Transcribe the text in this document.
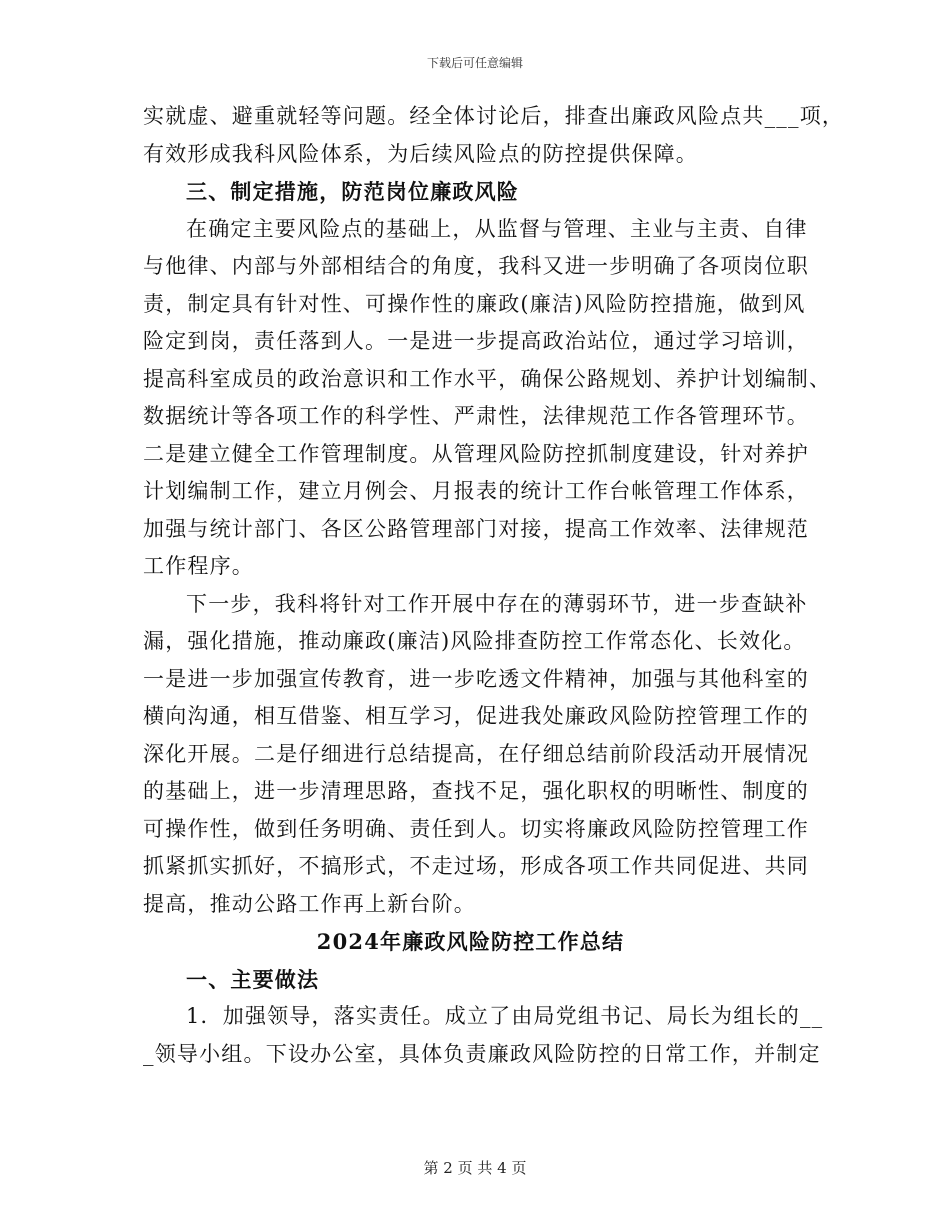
下载后可任意编辑
实就虚、避重就轻等问题。经全体讨论后，排查出廉政风险点共___项，
有效形成我科风险体系，为后续风险点的防控提供保障。
三、制定措施，防范岗位廉政风险
在确定主要风险点的基础上，从监督与管理、主业与主责、自律
与他律、内部与外部相结合的角度，我科又进一步明确了各项岗位职
责，制定具有针对性、可操作性的廉政(廉洁)风险防控措施，做到风
险定到岗，责任落到人。一是进一步提高政治站位，通过学习培训，
提高科室成员的政治意识和工作水平，确保公路规划、养护计划编制、
数据统计等各项工作的科学性、严肃性，法律规范工作各管理环节。
二是建立健全工作管理制度。从管理风险防控抓制度建设，针对养护
计划编制工作，建立月例会、月报表的统计工作台帐管理工作体系，
加强与统计部门、各区公路管理部门对接，提高工作效率、法律规范
工作程序。
下一步，我科将针对工作开展中存在的薄弱环节，进一步查缺补
漏，强化措施，推动廉政(廉洁)风险排查防控工作常态化、长效化。
一是进一步加强宣传教育，进一步吃透文件精神，加强与其他科室的
横向沟通，相互借鉴、相互学习，促进我处廉政风险防控管理工作的
深化开展。二是仔细进行总结提高，在仔细总结前阶段活动开展情况
的基础上，进一步清理思路，查找不足，强化职权的明晰性、制度的
可操作性，做到任务明确、责任到人。切实将廉政风险防控管理工作
抓紧抓实抓好，不搞形式，不走过场，形成各项工作共同促进、共同
提高，推动公路工作再上新台阶。
2024年廉政风险防控工作总结
一、主要做法
1．加强领导，落实责任。成立了由局党组书记、局长为组长的__
_领导小组。下设办公室，具体负责廉政风险防控的日常工作，并制定
第 2 页 共 4 页
